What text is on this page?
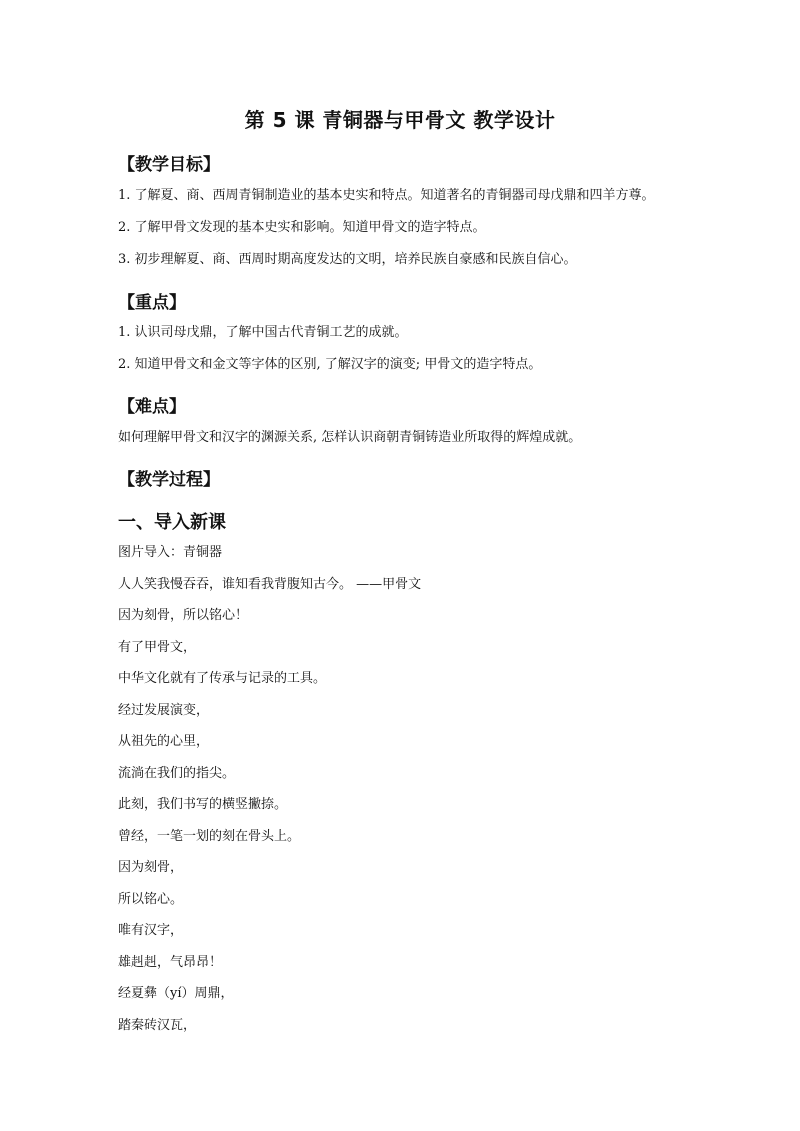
第 5 课 青铜器与甲骨文 教学设计
【教学目标】

1. 了解夏、商、西周青铜制造业的基本史实和特点。知道著名的青铜器司母戊鼎和四羊方尊。

2. 了解甲骨文发现的基本史实和影响。知道甲骨文的造字特点。

3. 初步理解夏、商、西周时期高度发达的文明，培养民族自豪感和民族自信心。

【重点】

1. 认识司母戊鼎，了解中国古代青铜工艺的成就。

2. 知道甲骨文和金文等字体的区别, 了解汉字的演变; 甲骨文的造字特点。

【难点】

如何理解甲骨文和汉字的渊源关系, 怎样认识商朝青铜铸造业所取得的辉煌成就。

【教学过程】
一、导入新课

图片导入：青铜器

人人笑我慢吞吞，谁知看我背腹知古今。 ——甲骨文

因为刻骨，所以铭心！

有了甲骨文，

中华文化就有了传承与记录的工具。

经过发展演变，

从祖先的心里，

流淌在我们的指尖。

此刻，我们书写的横竖撇捺。

曾经，一笔一划的刻在骨头上。

因为刻骨，

所以铭心。

唯有汉字，

雄赳赳，气昂昂！

经夏彝（yí）周鼎，

踏秦砖汉瓦，
